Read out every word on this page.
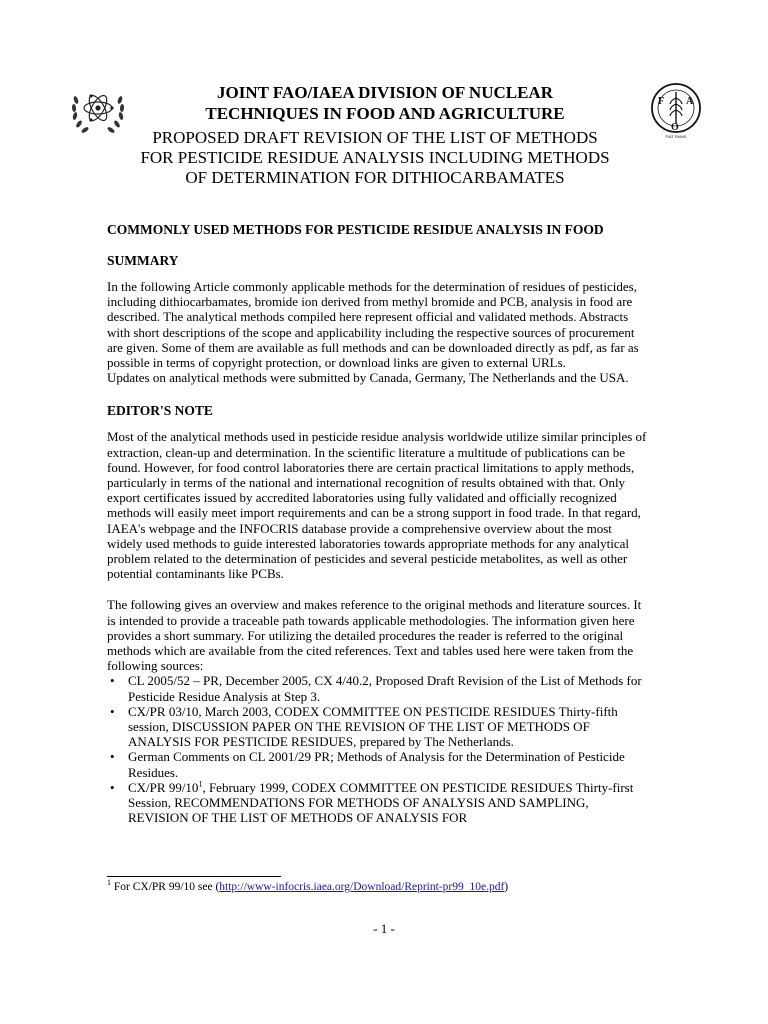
F A
O
FIAT PANIS
JOINT FAO/IAEA DIVISION OF NUCLEAR
TECHNIQUES IN FOOD AND AGRICULTURE
PROPOSED DRAFT REVISION OF THE LIST OF METHODS
FOR PESTICIDE RESIDUE ANALYSIS INCLUDING METHODS
OF DETERMINATION FOR DITHIOCARBAMATES
COMMONLY USED METHODS FOR PESTICIDE RESIDUE ANALYSIS IN FOOD
SUMMARY

In the following Article commonly applicable methods for the determination of residues of pesticides, including dithiocarbamates, bromide ion derived from methyl bromide and PCB, analysis in food are described. The analytical methods compiled here represent official and validated methods. Abstracts with short descriptions of the scope and applicability including the respective sources of procurement are given. Some of them are available as full methods and can be downloaded directly as pdf, as far as possible in terms of copyright protection, or download links are given to external URLs.

Updates on analytical methods were submitted by Canada, Germany, The Netherlands and the USA.

EDITOR'S NOTE

Most of the analytical methods used in pesticide residue analysis worldwide utilize similar principles of extraction, clean-up and determination. In the scientific literature a multitude of publications can be found. However, for food control laboratories there are certain practical limitations to apply methods, particularly in terms of the national and international recognition of results obtained with that. Only export certificates issued by accredited laboratories using fully validated and officially recognized methods will easily meet import requirements and can be a strong support in food trade. In that regard, IAEA's webpage and the INFOCRIS database provide a comprehensive overview about the most widely used methods to guide interested laboratories towards appropriate methods for any analytical problem related to the determination of pesticides and several pesticide metabolites, as well as other potential contaminants like PCBs.

The following gives an overview and makes reference to the original methods and literature sources. It is intended to provide a traceable path towards applicable methodologies. The information given here provides a short summary. For utilizing the detailed procedures the reader is referred to the original methods which are available from the cited references. Text and tables used here were taken from the following sources:

• CL 2005/52 – PR, December 2005, CX 4/40.2, Proposed Draft Revision of the List of Methods for Pesticide Residue Analysis at Step 3.
• CX/PR 03/10, March 2003, CODEX COMMITTEE ON PESTICIDE RESIDUES Thirty-fifth session, DISCUSSION PAPER ON THE REVISION OF THE LIST OF METHODS OF ANALYSIS FOR PESTICIDE RESIDUES, prepared by The Netherlands.
• German Comments on CL 2001/29 PR; Methods of Analysis for the Determination of Pesticide Residues.
• CX/PR $99/10^1$, February 1999, CODEX COMMITTEE ON PESTICIDE RESIDUES Thirty-first Session, RECOMMENDATIONS FOR METHODS OF ANALYSIS AND SAMPLING, REVISION OF THE LIST OF METHODS OF ANALYSIS FOR
$^1$ For CX/PR 99/10 see (http://www-infocris.iaea.org/Download/Reprint-pr99_10e.pdf)
- 1 -
